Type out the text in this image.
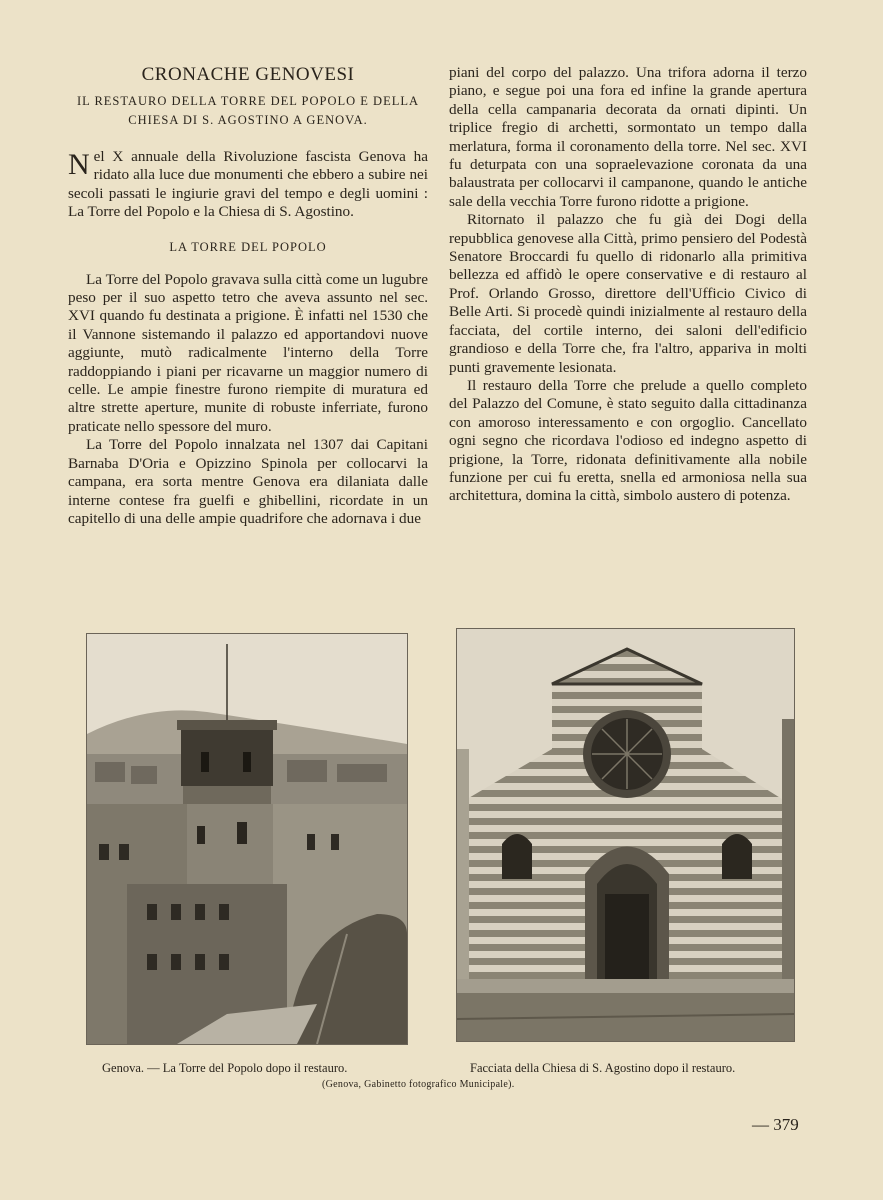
CRONACHE GENOVESI
IL RESTAURO DELLA TORRE DEL POPOLO E DELLA
CHIESA DI S. AGOSTINO A GENOVA.

Nel X annuale della Rivoluzione fascista Genova ha ridato alla luce due monumenti che ebbero a subire nei secoli passati le ingiurie gravi del tempo e degli uomini : La Torre del Popolo e la Chiesa di S. Agostino.

LA TORRE DEL POPOLO

La Torre del Popolo gravava sulla città come un lugubre peso per il suo aspetto tetro che aveva assunto nel sec. XVI quando fu destinata a prigione. È infatti nel 1530 che il Vannone sistemando il palazzo ed apportandovi nuove aggiunte, mutò radicalmente l'interno della Torre raddoppiando i piani per ricavarne un maggior numero di celle. Le ampie finestre furono riempite di muratura ed altre strette aperture, munite di robuste inferriate, furono praticate nello spessore del muro.

La Torre del Popolo innalzata nel 1307 dai Capitani Barnaba D'Oria e Opizzino Spinola per collocarvi la campana, era sorta mentre Genova era dilaniata dalle interne contese fra guelfi e ghibellini, ricordate in un capitello di una delle ampie quadrifore che adornava i due

piani del corpo del palazzo. Una trifora adorna il terzo piano, e segue poi una fora ed infine la grande apertura della cella campanaria decorata da ornati dipinti. Un triplice fregio di archetti, sormontato un tempo dalla merlatura, forma il coronamento della torre. Nel sec. XVI fu deturpata con una sopraelevazione coronata da una balaustrata per collocarvi il campanone, quando le antiche sale della vecchia Torre furono ridotte a prigione.

Ritornato il palazzo che fu già dei Dogi della repubblica genovese alla Città, primo pensiero del Podestà Senatore Broccardi fu quello di ridonarlo alla primitiva bellezza ed affidò le opere conservative e di restauro al Prof. Orlando Grosso, direttore dell'Ufficio Civico di Belle Arti. Si procedè quindi inizialmente al restauro della facciata, del cortile interno, dei saloni dell'edificio grandioso e della Torre che, fra l'altro, appariva in molti punti gravemente lesionata.

Il restauro della Torre che prelude a quello completo del Palazzo del Comune, è stato seguito dalla cittadinanza con amoroso interessamento e con orgoglio. Cancellato ogni segno che ricordava l'odioso ed indegno aspetto di prigione, la Torre, ridonata definitivamente alla nobile funzione per cui fu eretta, snella ed armoniosa nella sua architettura, domina la città, simbolo austero di potenza.

Genova. — La Torre del Popolo dopo il restauro.	Facciata della Chiesa di S. Agostino dopo il restauro.
(Genova, Gabinetto fotografico Municipale).
— 379
